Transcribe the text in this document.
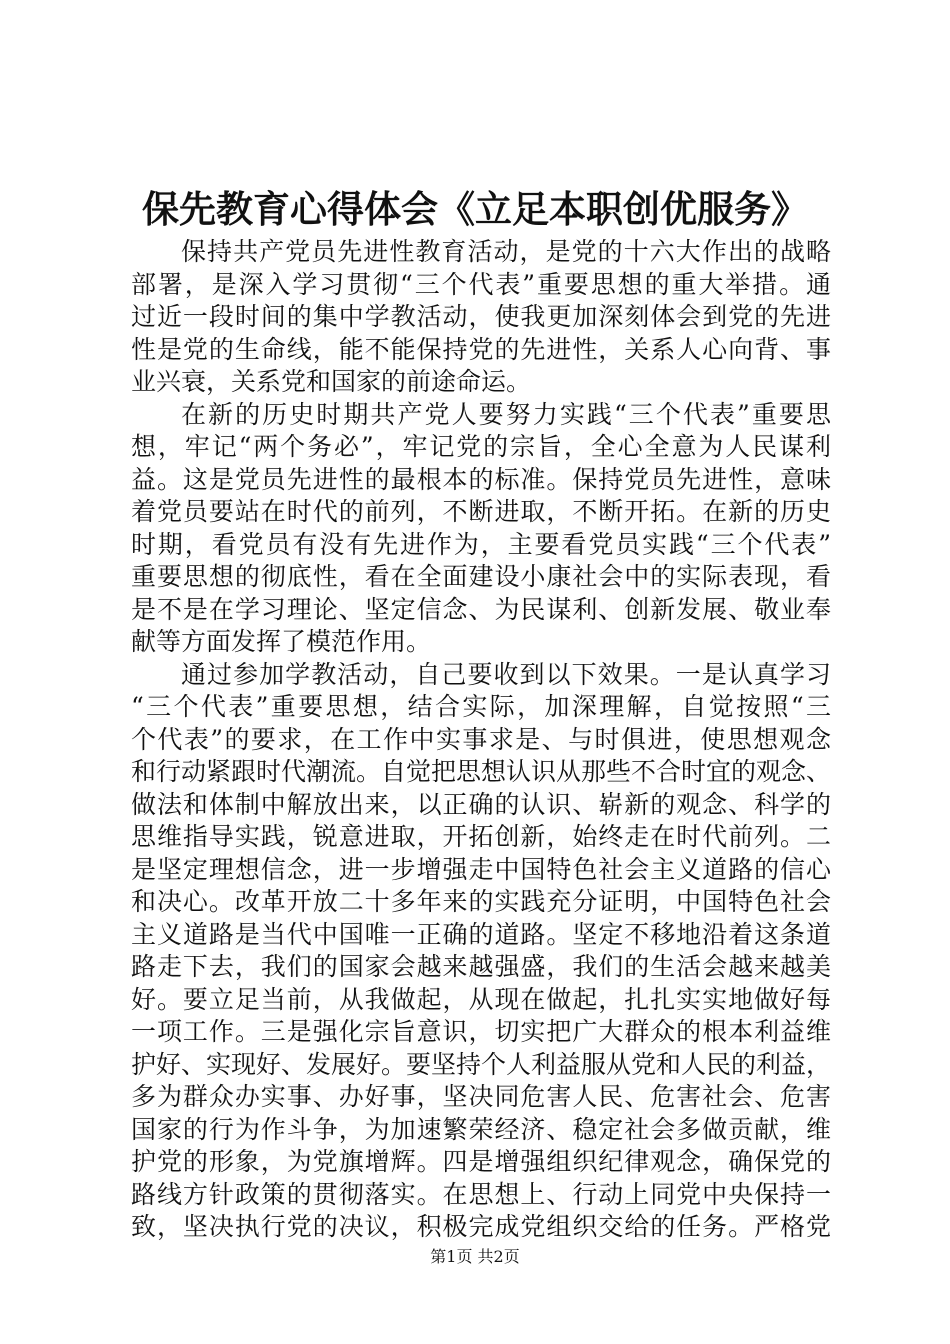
保先教育心得体会《立足本职创优服务》
保持共产党员先进性教育活动，是党的十六大作出的战略
部署，是深入学习贯彻“三个代表”重要思想的重大举措。通
过近一段时间的集中学教活动，使我更加深刻体会到党的先进
性是党的生命线，能不能保持党的先进性，关系人心向背、事
业兴衰，关系党和国家的前途命运。
在新的历史时期共产党人要努力实践“三个代表”重要思
想，牢记“两个务必”，牢记党的宗旨，全心全意为人民谋利
益。这是党员先进性的最根本的标准。保持党员先进性，意味
着党员要站在时代的前列，不断进取，不断开拓。在新的历史
时期，看党员有没有先进作为，主要看党员实践“三个代表”
重要思想的彻底性，看在全面建设小康社会中的实际表现，看
是不是在学习理论、坚定信念、为民谋利、创新发展、敬业奉
献等方面发挥了模范作用。
通过参加学教活动，自己要收到以下效果。一是认真学习
“三个代表”重要思想，结合实际，加深理解，自觉按照“三
个代表”的要求，在工作中实事求是、与时俱进，使思想观念
和行动紧跟时代潮流。自觉把思想认识从那些不合时宜的观念、
做法和体制中解放出来，以正确的认识、崭新的观念、科学的
思维指导实践，锐意进取，开拓创新，始终走在时代前列。二
是坚定理想信念，进一步增强走中国特色社会主义道路的信心
和决心。改革开放二十多年来的实践充分证明，中国特色社会
主义道路是当代中国唯一正确的道路。坚定不移地沿着这条道
路走下去，我们的国家会越来越强盛，我们的生活会越来越美
好。要立足当前，从我做起，从现在做起，扎扎实实地做好每
一项工作。三是强化宗旨意识，切实把广大群众的根本利益维
护好、实现好、发展好。要坚持个人利益服从党和人民的利益，
多为群众办实事、办好事，坚决同危害人民、危害社会、危害
国家的行为作斗争，为加速繁荣经济、稳定社会多做贡献，维
护党的形象，为党旗增辉。四是增强组织纪律观念，确保党的
路线方针政策的贯彻落实。在思想上、行动上同党中央保持一
致，坚决执行党的决议，积极完成党组织交给的任务。严格党
第1页 共2页
